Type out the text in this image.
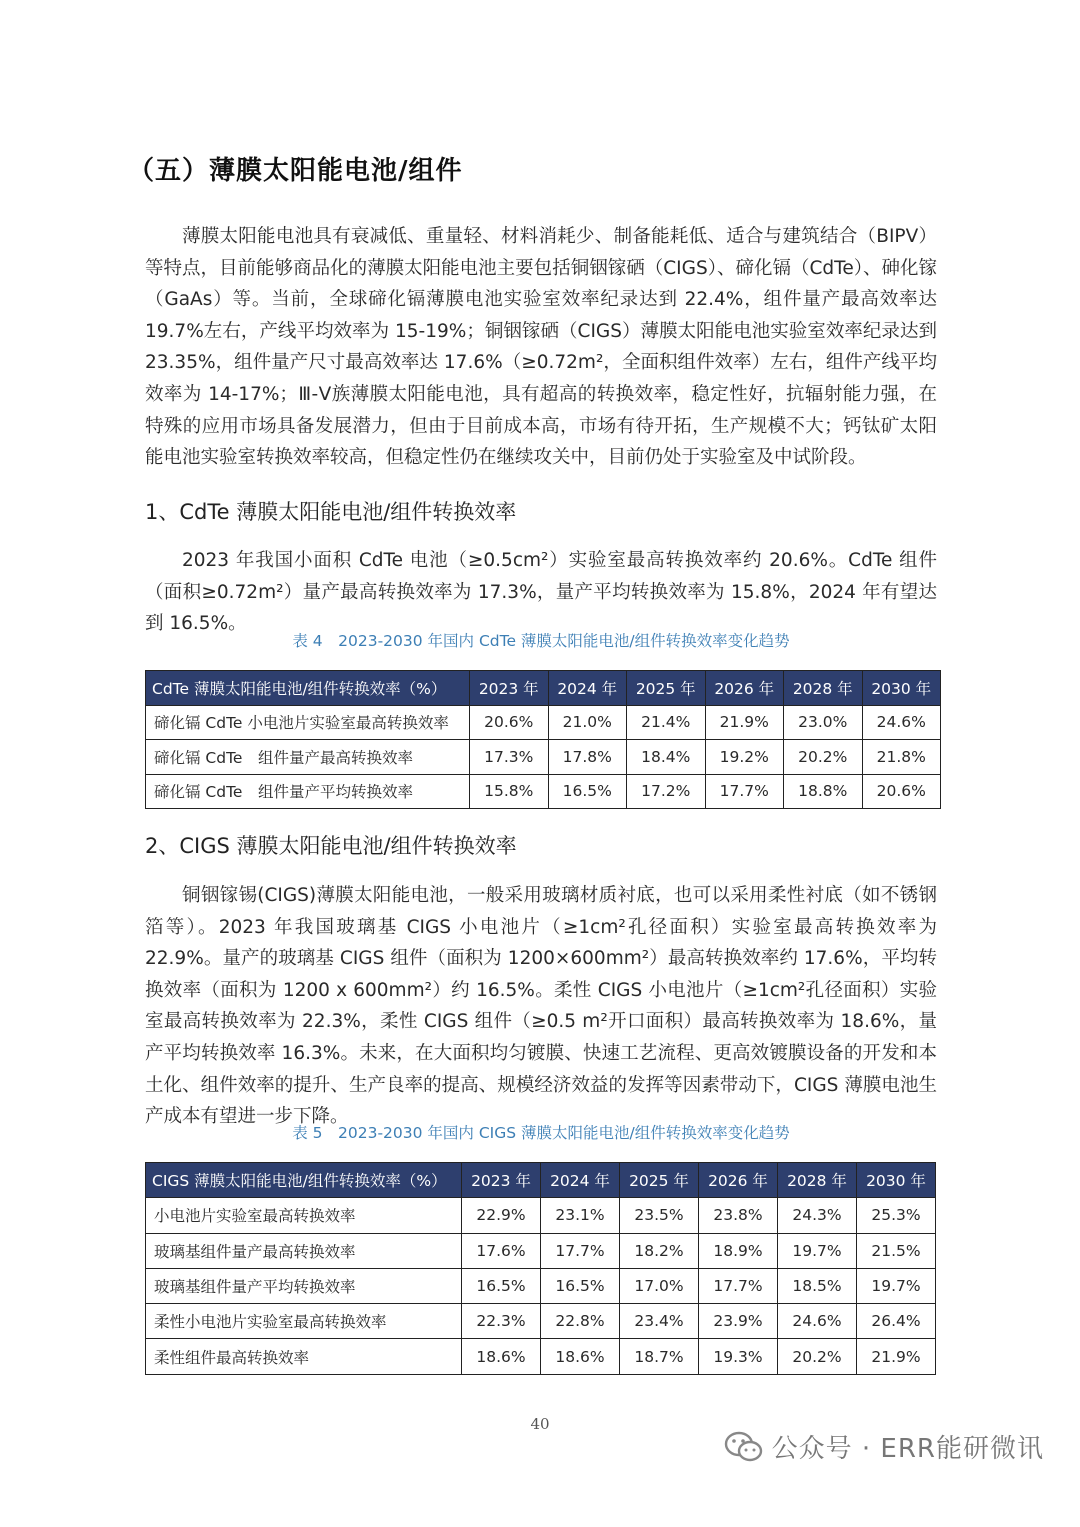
（五）薄膜太阳能电池/组件

薄膜太阳能电池具有衰减低、重量轻、材料消耗少、制备能耗低、适合与建筑结合（BIPV）等特点，目前能够商品化的薄膜太阳能电池主要包括铜铟镓硒（CIGS）、碲化镉（CdTe）、砷化镓（GaAs）等。当前，全球碲化镉薄膜电池实验室效率纪录达到 22.4%，组件量产最高效率达 19.7%左右，产线平均效率为 15-19%；铜铟镓硒（CIGS）薄膜太阳能电池实验室效率纪录达到 23.35%，组件量产尺寸最高效率达 17.6%（≥0.72m²，全面积组件效率）左右，组件产线平均效率为 14-17%；Ⅲ-Ⅴ族薄膜太阳能电池，具有超高的转换效率，稳定性好，抗辐射能力强，在特殊的应用市场具备发展潜力，但由于目前成本高，市场有待开拓，生产规模不大；钙钛矿太阳能电池实验室转换效率较高，但稳定性仍在继续攻关中，目前仍处于实验室及中试阶段。

1、CdTe 薄膜太阳能电池/组件转换效率

2023 年我国小面积 CdTe 电池（≥0.5cm²）实验室最高转换效率约 20.6%。CdTe 组件（面积≥0.72m²）量产最高转换效率为 17.3%，量产平均转换效率为 15.8%，2024 年有望达到 16.5%。

表 4　2023-2030 年国内 CdTe 薄膜太阳能电池/组件转换效率变化趋势
CdTe 薄膜太阳能电池/组件转换效率（%）	2023 年	2024 年	2025 年	2026 年	2028 年	2030 年
碲化镉 CdTe 小电池片实验室最高转换效率	20.6%	21.0%	21.4%	21.9%	23.0%	24.6%
碲化镉 CdTe　组件量产最高转换效率	17.3%	17.8%	18.4%	19.2%	20.2%	21.8%
碲化镉 CdTe　组件量产平均转换效率	15.8%	16.5%	17.2%	17.7%	18.8%	20.6%
2、CIGS 薄膜太阳能电池/组件转换效率

铜铟镓锡(CIGS)薄膜太阳能电池，一般采用玻璃材质衬底，也可以采用柔性衬底（如不锈钢箔等）。2023 年我国玻璃基 CIGS 小电池片（≥1cm²孔径面积）实验室最高转换效率为 22.9%。量产的玻璃基 CIGS 组件（面积为 1200×600mm²）最高转换效率约 17.6%，平均转换效率（面积为 1200 x 600mm²）约 16.5%。柔性 CIGS 小电池片（≥1cm²孔径面积）实验室最高转换效率为 22.3%，柔性 CIGS 组件（≥0.5 m²开口面积）最高转换效率为 18.6%，量产平均转换效率 16.3%。未来，在大面积均匀镀膜、快速工艺流程、更高效镀膜设备的开发和本土化、组件效率的提升、生产良率的提高、规模经济效益的发挥等因素带动下，CIGS 薄膜电池生产成本有望进一步下降。

表 5　2023-2030 年国内 CIGS 薄膜太阳能电池/组件转换效率变化趋势
CIGS 薄膜太阳能电池/组件转换效率（%）	2023 年	2024 年	2025 年	2026 年	2028 年	2030 年
小电池片实验室最高转换效率	22.9%	23.1%	23.5%	23.8%	24.3%	25.3%
玻璃基组件量产最高转换效率	17.6%	17.7%	18.2%	18.9%	19.7%	21.5%
玻璃基组件量产平均转换效率	16.5%	16.5%	17.0%	17.7%	18.5%	19.7%
柔性小电池片实验室最高转换效率	22.3%	22.8%	23.4%	23.9%	24.6%	26.4%
柔性组件最高转换效率	18.6%	18.6%	18.7%	19.3%	20.2%	21.9%
40
公众号 · ERR能研微讯
